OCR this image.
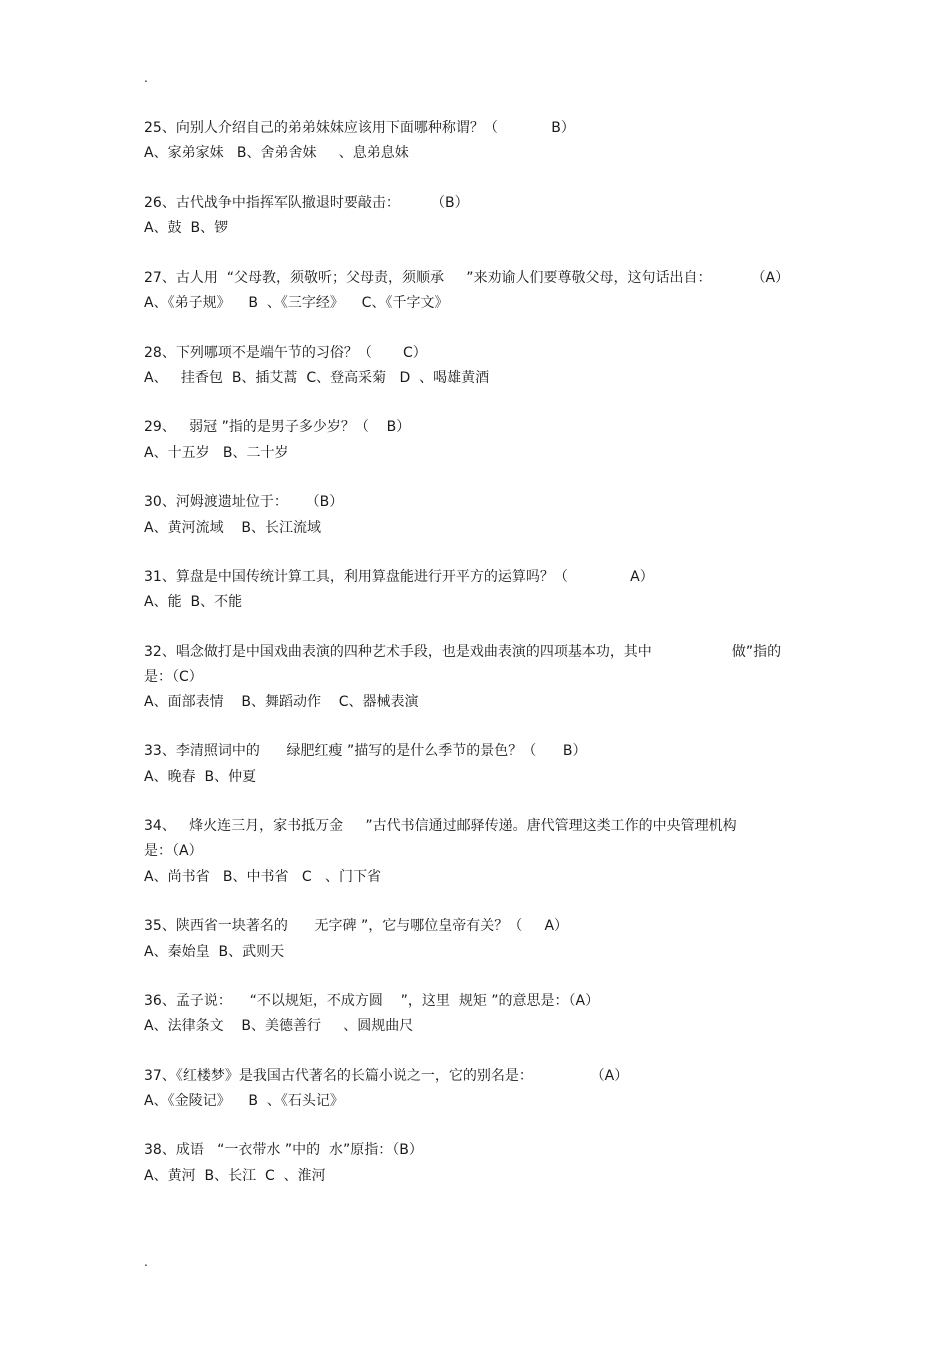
.
25、向别人介绍自己的弟弟妹妹应该用下面哪种称谓？（            B）
A、家弟家妹   B、舍弟舍妹     、息弟息妹
26、古代战争中指挥军队撤退时要敲击：       （B）
A、鼓  B、锣
27、古人用  “父母教，须敬听；父母责，须顺承     ”来劝谕人们要尊敬父母，这句话出自：         （A）
A、《弟子规》    B  、《三字经》    C、《千字文》
28、下列哪项不是端午节的习俗？（       C）
A、   挂香包  B、插艾蒿  C、登高采菊   D  、喝雄黄酒
29、   弱冠 ”指的是男子多少岁？（    B）
A、十五岁   B、二十岁
30、河姆渡遗址位于：    （B）
A、黄河流域    B、长江流域
31、算盘是中国传统计算工具，利用算盘能进行开平方的运算吗？（              A）
A、能  B、不能
32、唱念做打是中国戏曲表演的四种艺术手段，也是戏曲表演的四项基本功，其中                  做”指的
是：（C）
A、面部表情    B、舞蹈动作    C、器械表演
33、李清照词中的      绿肥红瘦 ”描写的是什么季节的景色？（      B）
A、晚春  B、仲夏
34、   烽火连三月，家书抵万金     ”古代书信通过邮驿传递。唐代管理这类工作的中央管理机构
是：（A）
A、尚书省   B、中书省   C   、门下省
35、陕西省一块著名的      无字碑 ”，它与哪位皇帝有关？（     A）
A、秦始皇  B、武则天
36、孟子说：    “不以规矩，不成方圆    ”，这里  规矩 ”的意思是：（A）
A、法律条文    B、美德善行     、圆规曲尺
37、《红楼梦》是我国古代著名的长篇小说之一，它的别名是：             （A）
A、《金陵记》    B  、《石头记》
38、成语   “一衣带水 ”中的  水”原指：（B）
A、黄河  B、长江  C  、淮河
.
